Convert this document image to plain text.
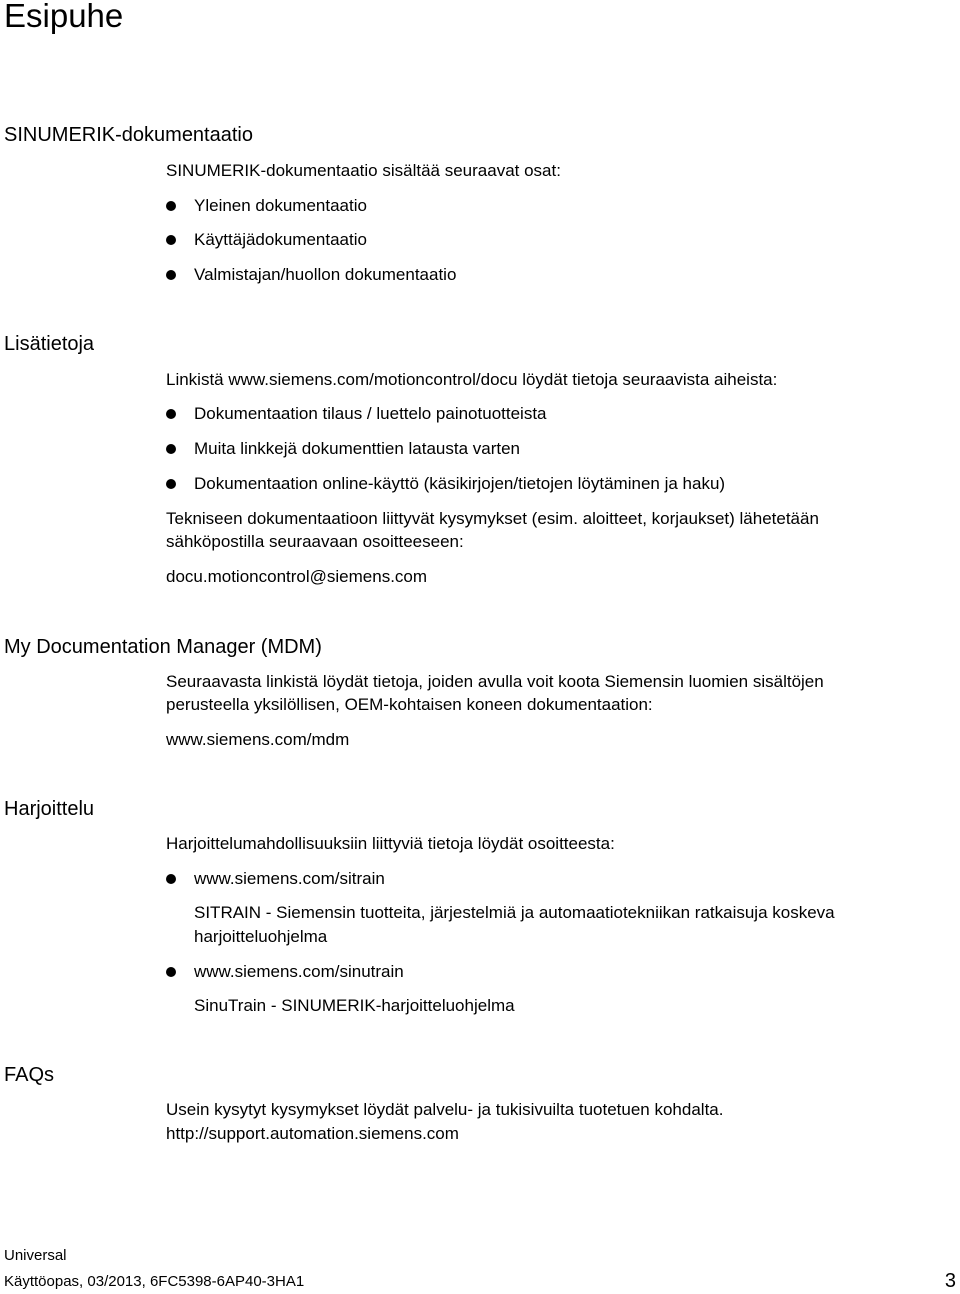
Esipuhe
SINUMERIK-dokumentaatio
SINUMERIK-dokumentaatio sisältää seuraavat osat:
Yleinen dokumentaatio
Käyttäjädokumentaatio
Valmistajan/huollon dokumentaatio
Lisätietoja
Linkistä www.siemens.com/motioncontrol/docu löydät tietoja seuraavista aiheista:
Dokumentaation tilaus / luettelo painotuotteista
Muita linkkejä dokumenttien latausta varten
Dokumentaation online-käyttö (käsikirjojen/tietojen löytäminen ja haku)
Tekniseen dokumentaatioon liittyvät kysymykset (esim. aloitteet, korjaukset) lähetetään
sähköpostilla seuraavaan osoitteeseen:
docu.motioncontrol@siemens.com
My Documentation Manager (MDM)
Seuraavasta linkistä löydät tietoja, joiden avulla voit koota Siemensin luomien sisältöjen
perusteella yksilöllisen, OEM-kohtaisen koneen dokumentaation:
www.siemens.com/mdm
Harjoittelu
Harjoittelumahdollisuuksiin liittyviä tietoja löydät osoitteesta:
www.siemens.com/sitrain
SITRAIN - Siemensin tuotteita, järjestelmiä ja automaatiotekniikan ratkaisuja koskeva
harjoitteluohjelma
www.siemens.com/sinutrain
SinuTrain - SINUMERIK-harjoitteluohjelma
FAQs
Usein kysytyt kysymykset löydät palvelu- ja tukisivuilta tuotetuen kohdalta.
http://support.automation.siemens.com
Universal
Käyttöopas, 03/2013, 6FC5398-6AP40-3HA1	3
